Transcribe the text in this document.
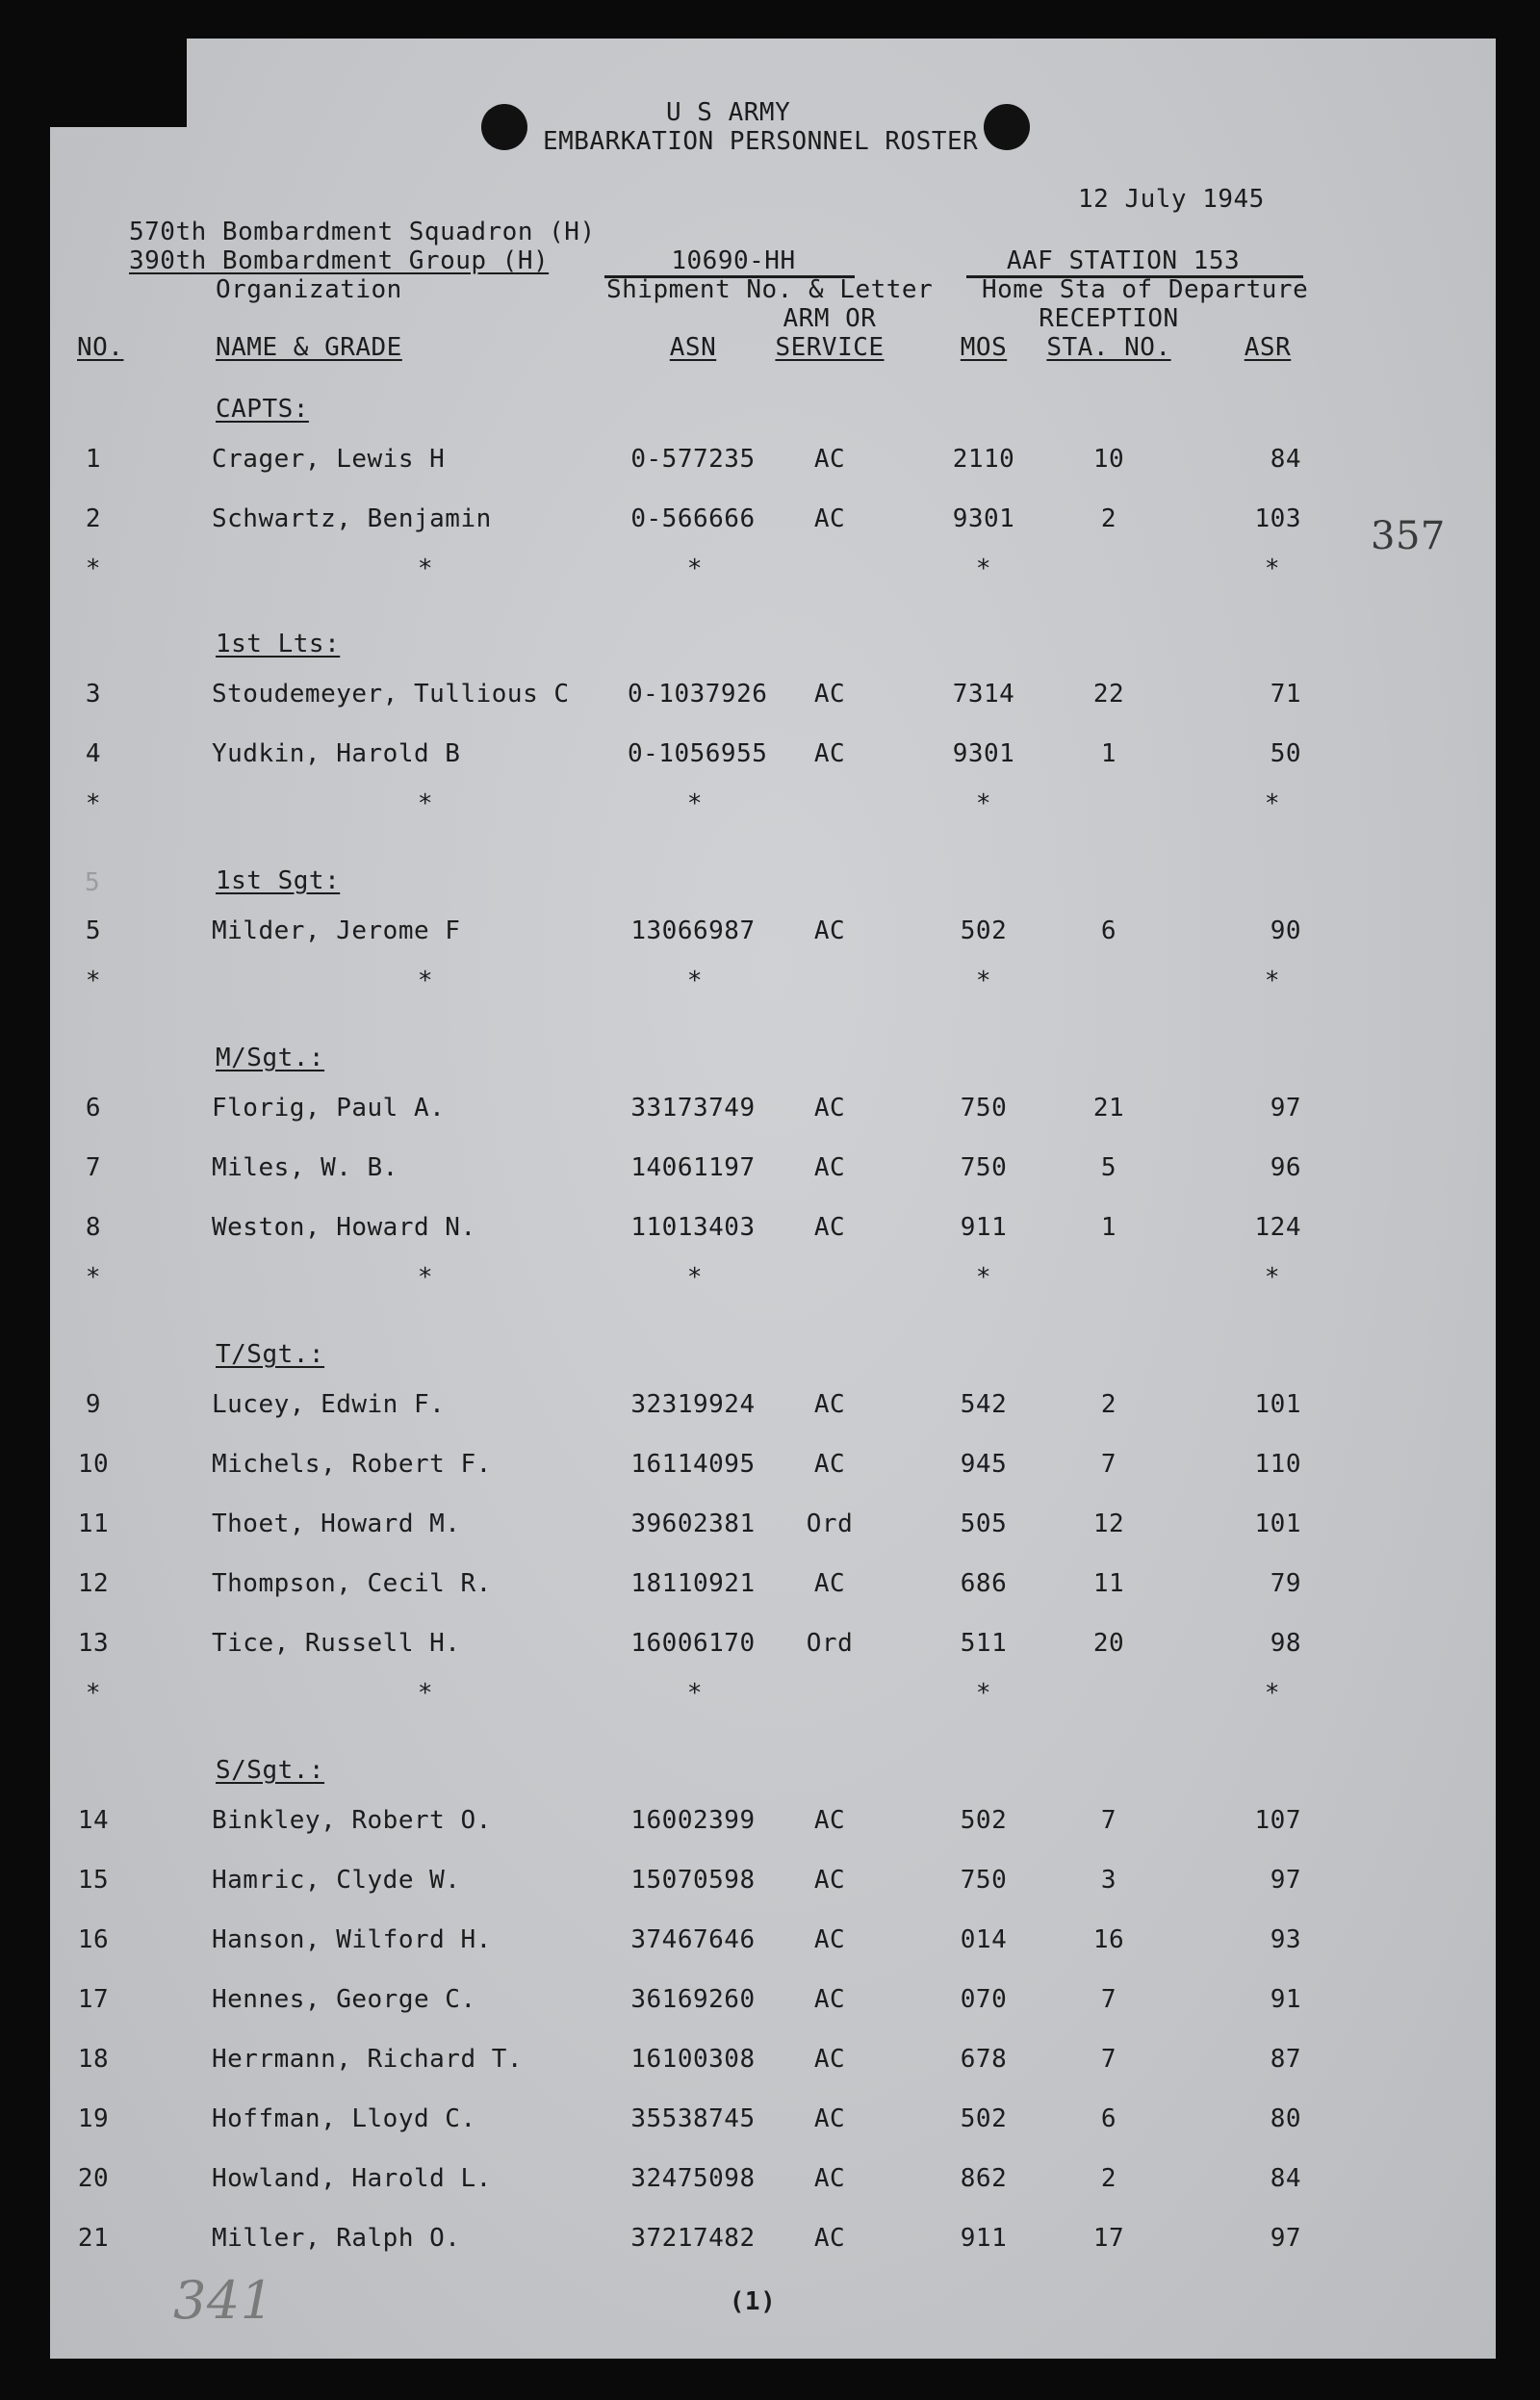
U S ARMY
EMBARKATION PERSONNEL ROSTER
12 July 1945
570th Bombardment Squadron (H)
390th Bombardment Group (H)
Organization
10690-HH
Shipment No. & Letter
AAF STATION 153
Home Sta of Departure
ARM OR	RECEPTION
NO.	NAME & GRADE	ASN	SERVICE	MOS	STA. NO.	ASR
357
5
(1)
341
CAPTS:
1	Crager, Lewis H	0-577235	AC	2110	10	84
2	Schwartz, Benjamin	0-566666	AC	9301	2	103
*	*	*	*	*
1st Lts:
3	Stoudemeyer, Tullious C	0-1037926	AC	7314	22	71
4	Yudkin, Harold B	0-1056955	AC	9301	1	50
*	*	*	*	*
1st Sgt:
5	Milder, Jerome F	13066987	AC	502	6	90
*	*	*	*	*
M/Sgt.:
6	Florig, Paul A.	33173749	AC	750	21	97
7	Miles, W. B.	14061197	AC	750	5	96
8	Weston, Howard N.	11013403	AC	911	1	124
*	*	*	*	*
T/Sgt.:
9	Lucey, Edwin F.	32319924	AC	542	2	101
10	Michels, Robert F.	16114095	AC	945	7	110
11	Thoet, Howard M.	39602381	Ord	505	12	101
12	Thompson, Cecil R.	18110921	AC	686	11	79
13	Tice, Russell H.	16006170	Ord	511	20	98
*	*	*	*	*
S/Sgt.:
14	Binkley, Robert O.	16002399	AC	502	7	107
15	Hamric, Clyde W.	15070598	AC	750	3	97
16	Hanson, Wilford H.	37467646	AC	014	16	93
17	Hennes, George C.	36169260	AC	070	7	91
18	Herrmann, Richard T.	16100308	AC	678	7	87
19	Hoffman, Lloyd C.	35538745	AC	502	6	80
20	Howland, Harold L.	32475098	AC	862	2	84
21	Miller, Ralph O.	37217482	AC	911	17	97
